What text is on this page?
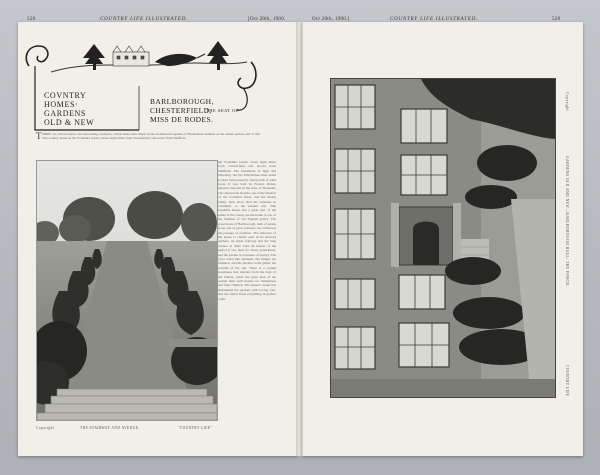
520	COUNTRY LIFE ILLUSTRATED.	[Oct 20th, 1900.
COVNTRY
HOMES·
GARDENS
OLD & NEW
BARLBOROUGH,
CHESTERFIELD,
THE SEAT OF
MISS DE RODES.
T HERE are characteristics and interesting examples, which make their mark on the architectural genius of Elizabethan builders of the earlier period, and of that fine country house in the Yorkshire border, about eight miles from Chesterfield, and seven from Sheffield.
the Yorkshire border, about eight miles from Chesterfield and eleven from Sheffield. The incumbent in high and imposing, but the Elizabethan lines stand in their full prosperity, being built of solid stone. It was built by Francis Rodes, Queen's Serjeant in the time of Elizabeth, who afterwards became one of the Justices of the Common Pleas, and the Rodes family have since held the demesne in continuity to the present day. This beautiful house and a great part of the estate of the county are the home of one of the families of old English gentry. The great house of Barlborough, built of native stone and of great richness, has withstood the passage of centuries. The character of the house is clearly seen in its terraced gardens, its noble stairway and the long avenue of elms. Like all houses of the period it was built for many generations, and the garden is a treasure of topiary. The yews stand like sentinels, the hedges are trimmed, and the ancient walls gather the warmth of the sun. There is a certain stateliness that remains from the days of the Tudors, when the great men of the county built such houses for themselves and their children. The present owner has maintained the gardens with loving care, and the visitor finds everything in perfect order.
Copyright	THE STAIRWAY AND AVENUE.	"COUNTRY LIFE"
Oct 20th, 1900.]	COUNTRY LIFE ILLUSTRATED.	520
Copyright
GARDENS OLD AND NEW—BARLBOROUGH HALL: THE PORCH.
COUNTRY LIFE
